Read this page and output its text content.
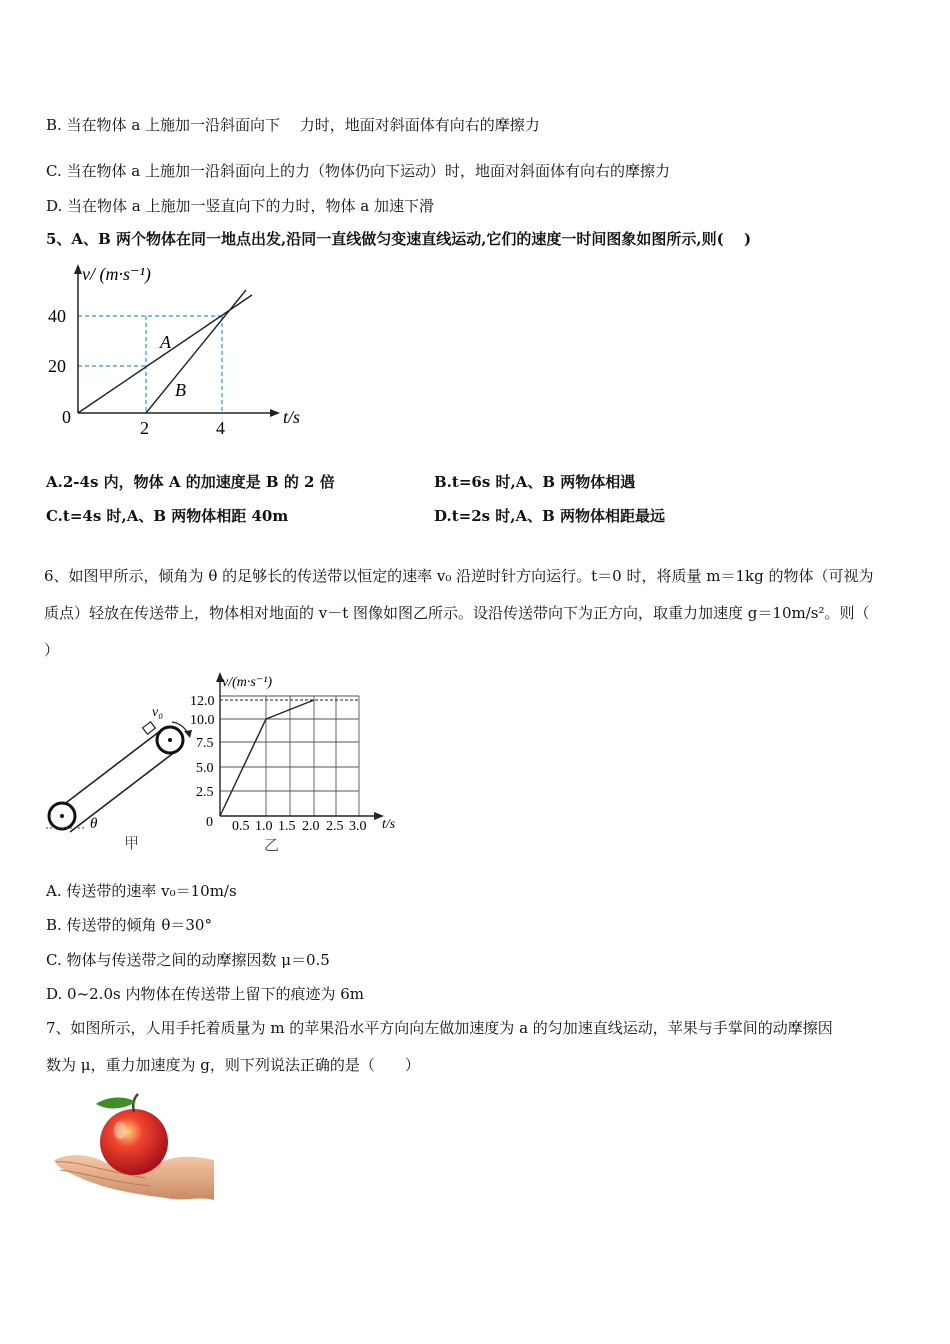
B. 当在物体 a 上施加一沿斜面向下　 力时，地面对斜面体有向右的摩擦力
C. 当在物体 a 上施加一沿斜面向上的力（物体仍向下运动）时，地面对斜面体有向右的摩擦力
D. 当在物体 a 上施加一竖直向下的力时，物体 a 加速下滑
5、A、B 两个物体在同一地点出发,沿同一直线做匀变速直线运动,它们的速度一时间图象如图所示,则(　 )
v/ (m·s⁻¹)
40
20
0
2	4
t/s
A
B
A.2-4s 内，物体 A 的加速度是 B 的 2 倍	B.t=6s 时,A、B 两物体相遇
C.t=4s 时,A、B 两物体相距 40m	D.t=2s 时,A、B 两物体相距最远
6、如图甲所示，倾角为 θ 的足够长的传送带以恒定的速率 v₀ 沿逆时针方向运行。t＝0 时，将质量 m＝1kg 的物体（可视为
质点）轻放在传送带上，物体相对地面的 v－t 图像如图乙所示。设沿传送带向下为正方向，取重力加速度 g＝10m/s²。则（
）
v₀
θ
甲
v/(m·s⁻¹)
12.0
10.0
7.5
5.0
2.5
0 0.5 1.0 1.5 2.0 2.5 3.0 t/s
乙
A. 传送带的速率 v₀＝10m/s
B. 传送带的倾角 θ＝30°
C. 物体与传送带之间的动摩擦因数 μ＝0.5
D. 0~2.0s 内物体在传送带上留下的痕迹为 6m
7、如图所示，人用手托着质量为 m 的苹果沿水平方向向左做加速度为 a 的匀加速直线运动，苹果与手掌间的动摩擦因
数为 μ，重力加速度为 g，则下列说法正确的是（　　）
